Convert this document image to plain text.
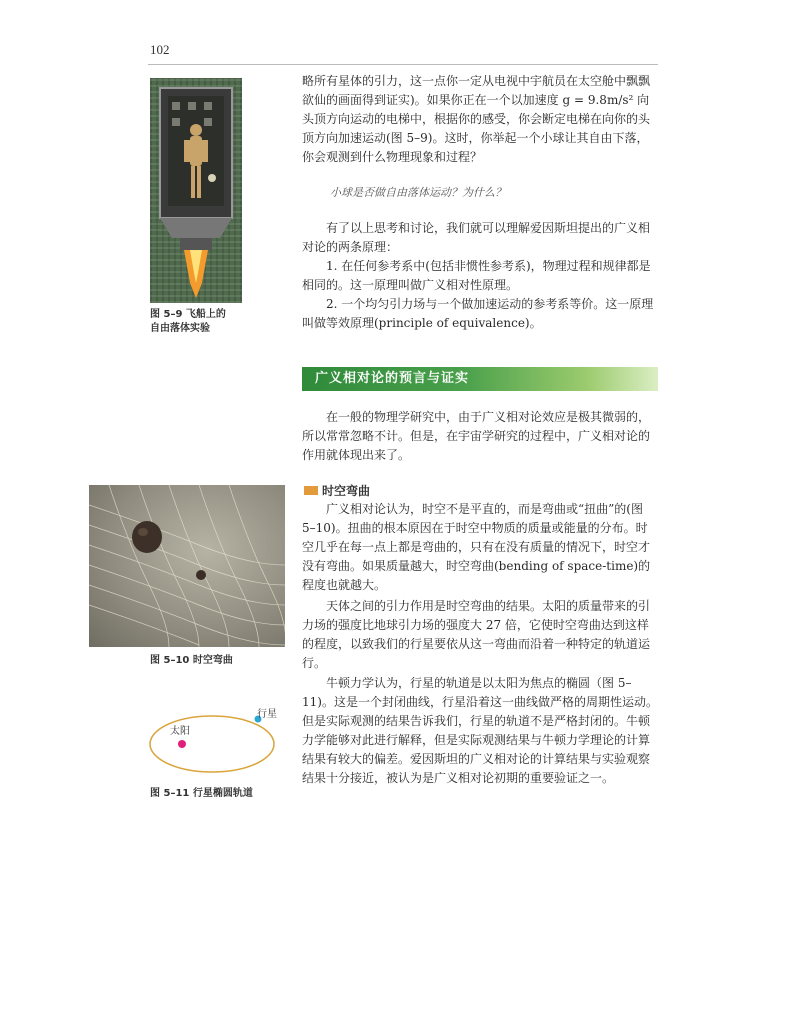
102
图 5–9 飞船上的
自由落体实验

略所有星体的引力，这一点你一定从电视中宇航员在太空舱中飘飘欲仙的画面得到证实)。如果你正在一个以加速度 g = 9.8m/s² 向头顶方向运动的电梯中，根据你的感受，你会断定电梯在向你的头顶方向加速运动(图 5–9)。这时，你举起一个小球让其自由下落，你会观测到什么物理现象和过程？

小球是否做自由落体运动？为什么？

有了以上思考和讨论，我们就可以理解爱因斯坦提出的广义相对论的两条原理：

1. 在任何参考系中(包括非惯性参考系)，物理过程和规律都是相同的。这一原理叫做广义相对性原理。

2. 一个均匀引力场与一个做加速运动的参考系等价。这一原理叫做等效原理(principle of equivalence)。

广义相对论的预言与证实

在一般的物理学研究中，由于广义相对论效应是极其微弱的，所以常常忽略不计。但是，在宇宙学研究的过程中，广义相对论的作用就体现出来了。

时空弯曲

广义相对论认为，时空不是平直的，而是弯曲或“扭曲”的(图 5–10)。扭曲的根本原因在于时空中物质的质量或能量的分布。时空几乎在每一点上都是弯曲的，只有在没有质量的情况下，时空才没有弯曲。如果质量越大，时空弯曲(bending of space-time)的程度也就越大。

天体之间的引力作用是时空弯曲的结果。太阳的质量带来的引力场的强度比地球引力场的强度大 27 倍，它使时空弯曲达到这样的程度，以致我们的行星要依从这一弯曲而沿着一种特定的轨道运行。

牛顿力学认为，行星的轨道是以太阳为焦点的椭圆（图 5–11)。这是一个封闭曲线，行星沿着这一曲线做严格的周期性运动。但是实际观测的结果告诉我们，行星的轨道不是严格封闭的。牛顿力学能够对此进行解释，但是实际观测结果与牛顿力学理论的计算结果有较大的偏差。爱因斯坦的广义相对论的计算结果与实验观察结果十分接近，被认为是广义相对论初期的重要验证之一。

图 5–10 时空弯曲
太阳
行星
图 5–11 行星椭圆轨道
